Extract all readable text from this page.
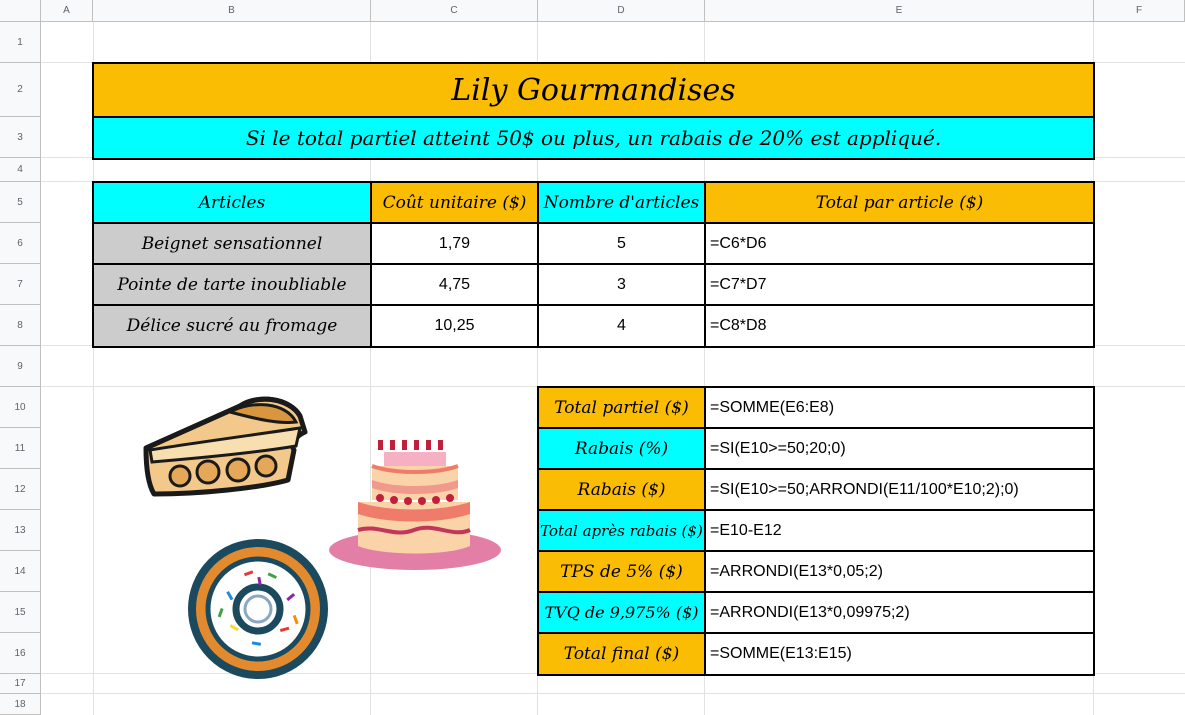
A	B	C	D	E	F
1
2
3
4
5
6
7
8
9
10
11
12
13
14
15
16
17
18
Lily Gourmandises
Si le total partiel atteint 50$ ou plus, un rabais de 20% est appliqué.
Articles	Coût unitaire ($)	Nombre d'articles	Total par article ($)
Beignet sensationnel	1,79	5	=C6*D6
Pointe de tarte inoubliable	4,75	3	=C7*D7
Délice sucré au fromage	10,25	4	=C8*D8
Total partiel ($)	=SOMME(E6:E8)
Rabais (%)	=SI(E10>=50;20;0)
Rabais ($)	=SI(E10>=50;ARRONDI(E11/100*E10;2);0)
Total après rabais ($) =E10-E12
TPS de 5% ($)	=ARRONDI(E13*0,05;2)
TVQ de 9,975% ($) =ARRONDI(E13*0,09975;2)
Total final ($)	=SOMME(E13:E15)
